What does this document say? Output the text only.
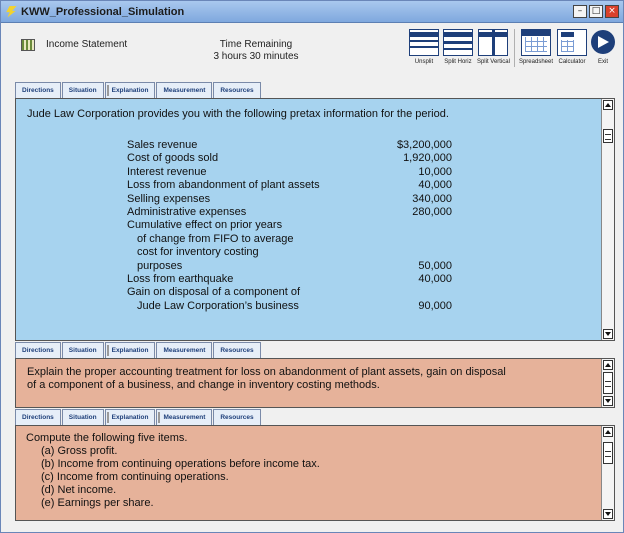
KWW_Professional_Simulation	–	□ ×
Income Statement	Time Remaining
3 hours 30 minutes	Unsplit Split Horiz Split Vertical Spreadsheet Calculator Exit
Directions	Situation	Explanation	Measurement	Resources
Jude Law Corporation provides you with the following pretax information for the period.
Sales revenue	$3,200,000
Cost of goods sold	1,920,000
Interest revenue	10,000
Loss from abandonment of plant assets	40,000
Selling expenses	340,000
Administrative expenses	280,000
Cumulative effect on prior years
of change from FIFO to average
cost for inventory costing
purposes	50,000
Loss from earthquake	40,000
Gain on disposal of a component of
Jude Law Corporation’s business	90,000
Directions	Situation	Explanation	Measurement	Resources
Explain the proper accounting treatment for loss on abandonment of plant assets, gain on disposal
of a component of a business, and change in inventory costing methods.
Directions	Situation	Explanation	Measurement	Resources
Compute the following five items.
(a) Gross profit.
(b) Income from continuing operations before income tax.
(c) Income from continuing operations.
(d) Net income.
(e) Earnings per share.
